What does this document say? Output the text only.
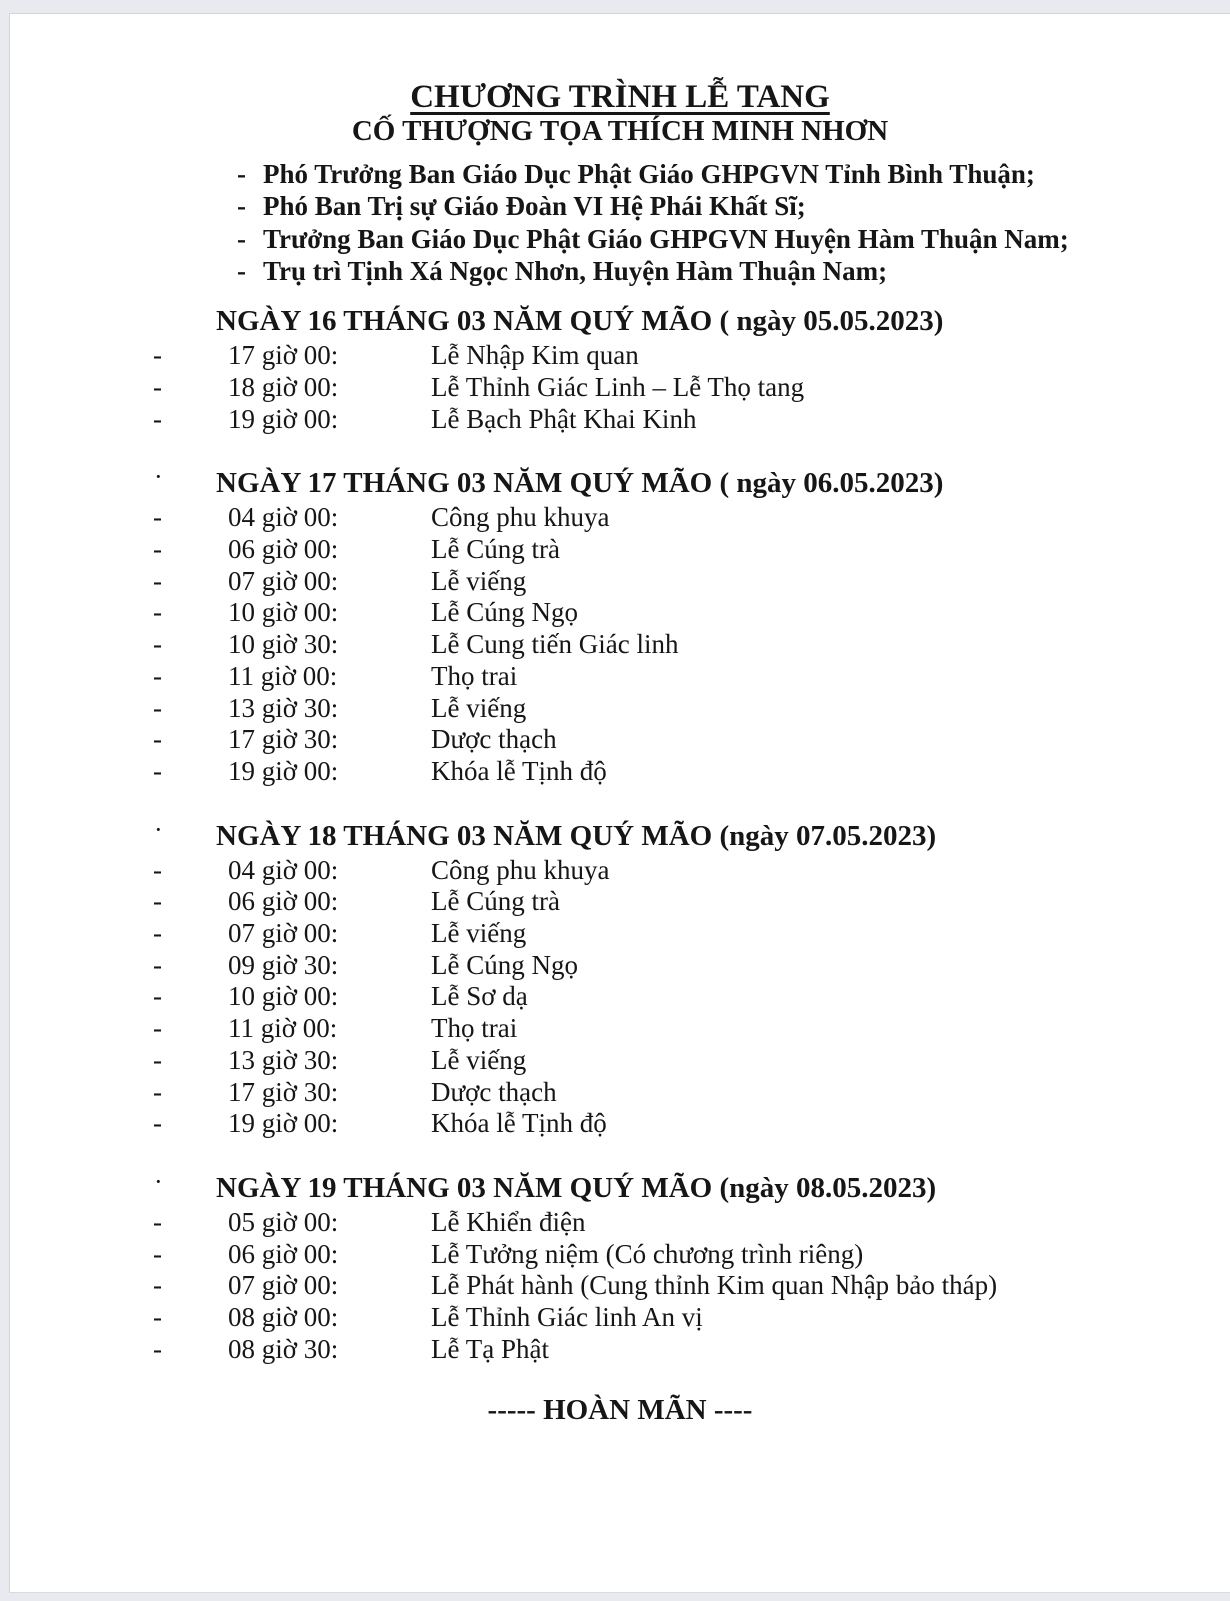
CHƯƠNG TRÌNH LỄ TANG
CỐ THƯỢNG TỌA THÍCH MINH NHƠN
- Phó Trưởng Ban Giáo Dục Phật Giáo GHPGVN Tỉnh Bình Thuận;
- Phó Ban Trị sự Giáo Đoàn VI Hệ Phái Khất Sĩ;
- Trưởng Ban Giáo Dục Phật Giáo GHPGVN Huyện Hàm Thuận Nam;
- Trụ trì Tịnh Xá Ngọc Nhơn, Huyện Hàm Thuận Nam;
NGÀY 16 THÁNG 03 NĂM QUÝ MÃO ( ngày 05.05.2023)
- 17 giờ 00:	Lễ Nhập Kim quan
- 18 giờ 00:	Lễ Thỉnh Giác Linh – Lễ Thọ tang
- 19 giờ 00:	Lễ Bạch Phật Khai Kinh
· NGÀY 17 THÁNG 03 NĂM QUÝ MÃO ( ngày 06.05.2023)
- 04 giờ 00:	Công phu khuya
- 06 giờ 00:	Lễ Cúng trà
- 07 giờ 00:	Lễ viếng
- 10 giờ 00:	Lễ Cúng Ngọ
- 10 giờ 30:	Lễ Cung tiến Giác linh
- 11 giờ 00:	Thọ trai
- 13 giờ 30:	Lễ viếng
- 17 giờ 30:	Dược thạch
- 19 giờ 00:	Khóa lễ Tịnh độ
· NGÀY 18 THÁNG 03 NĂM QUÝ MÃO (ngày 07.05.2023)
- 04 giờ 00:	Công phu khuya
- 06 giờ 00:	Lễ Cúng trà
- 07 giờ 00:	Lễ viếng
- 09 giờ 30:	Lễ Cúng Ngọ
- 10 giờ 00:	Lễ Sơ dạ
- 11 giờ 00:	Thọ trai
- 13 giờ 30:	Lễ viếng
- 17 giờ 30:	Dược thạch
- 19 giờ 00:	Khóa lễ Tịnh độ
· NGÀY 19 THÁNG 03 NĂM QUÝ MÃO (ngày 08.05.2023)
- 05 giờ 00:	Lễ Khiển điện
- 06 giờ 00:	Lễ Tưởng niệm (Có chương trình riêng)
- 07 giờ 00:	Lễ Phát hành (Cung thỉnh Kim quan Nhập bảo tháp)
- 08 giờ 00:	Lễ Thỉnh Giác linh An vị
- 08 giờ 30:	Lễ Tạ Phật
----- HOÀN MÃN ----
